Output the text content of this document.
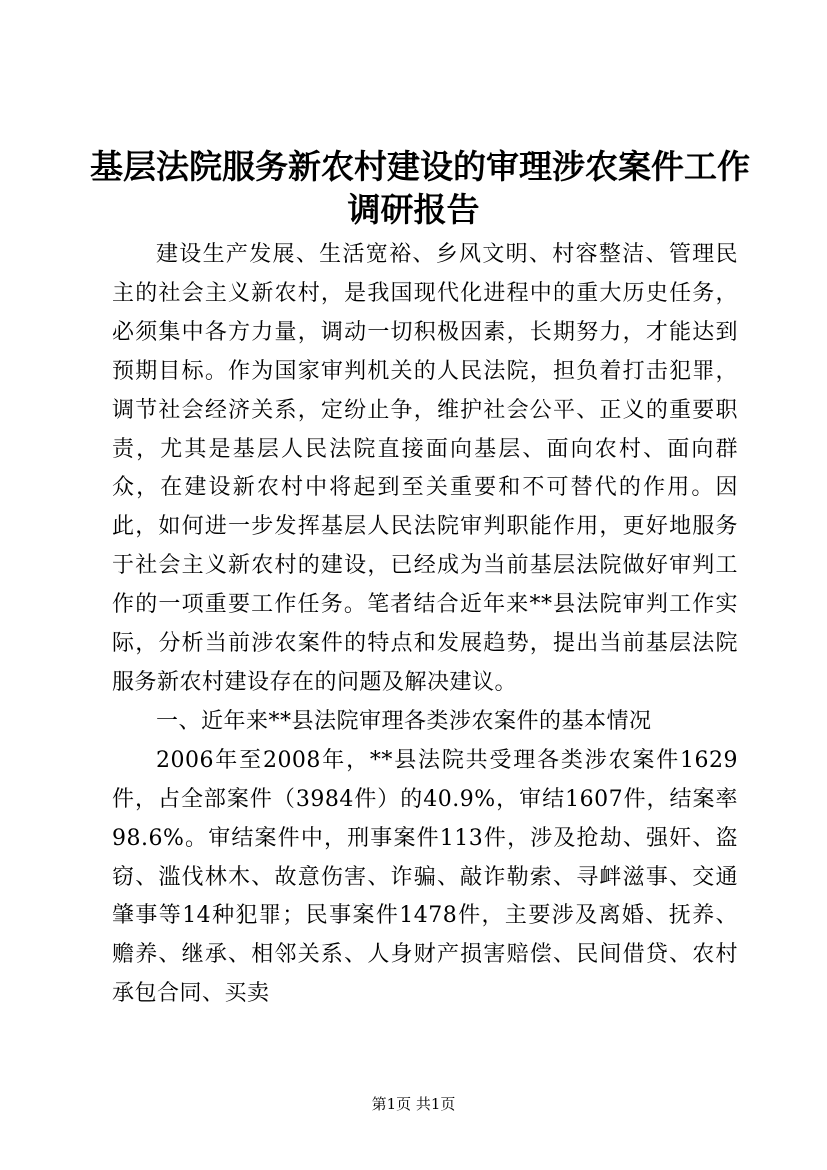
基层法院服务新农村建设的审理涉农案件工作
调研报告

建设生产发展、生活宽裕、乡风文明、村容整洁、管理民主的社会主义新农村，是我国现代化进程中的重大历史任务，必须集中各方力量，调动一切积极因素，长期努力，才能达到预期目标。作为国家审判机关的人民法院，担负着打击犯罪，调节社会经济关系，定纷止争，维护社会公平、正义的重要职责，尤其是基层人民法院直接面向基层、面向农村、面向群众，在建设新农村中将起到至关重要和不可替代的作用。因此，如何进一步发挥基层人民法院审判职能作用，更好地服务于社会主义新农村的建设，已经成为当前基层法院做好审判工作的一项重要工作任务。笔者结合近年来**县法院审判工作实际，分析当前涉农案件的特点和发展趋势，提出当前基层法院服务新农村建设存在的问题及解决建议。

一、近年来**县法院审理各类涉农案件的基本情况

2006年至2008年，**县法院共受理各类涉农案件1629件，占全部案件（3984件）的40.9%，审结1607件，结案率98.6%。审结案件中，刑事案件113件，涉及抢劫、强奸、盗窃、滥伐林木、故意伤害、诈骗、敲诈勒索、寻衅滋事、交通肇事等14种犯罪；民事案件1478件，主要涉及离婚、抚养、赡养、继承、相邻关系、人身财产损害赔偿、民间借贷、农村承包合同、买卖

第1页 共1页
